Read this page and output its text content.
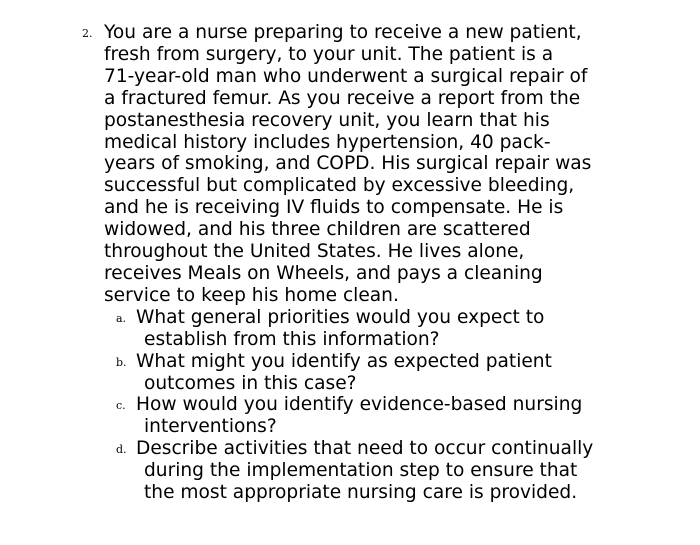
2. You are a nurse preparing to receive a new patient,
fresh from surgery, to your unit. The patient is a
71-year-old man who underwent a surgical repair of
a fractured femur. As you receive a report from the
postanesthesia recovery unit, you learn that his
medical history includes hypertension, 40 pack-
years of smoking, and COPD. His surgical repair was
successful but complicated by excessive bleeding,
and he is receiving IV fluids to compensate. He is
widowed, and his three children are scattered
throughout the United States. He lives alone,
receives Meals on Wheels, and pays a cleaning
service to keep his home clean.
a. What general priorities would you expect to
establish from this information?
b. What might you identify as expected patient
outcomes in this case?
c. How would you identify evidence-based nursing
interventions?
d. Describe activities that need to occur continually
during the implementation step to ensure that
the most appropriate nursing care is provided.
